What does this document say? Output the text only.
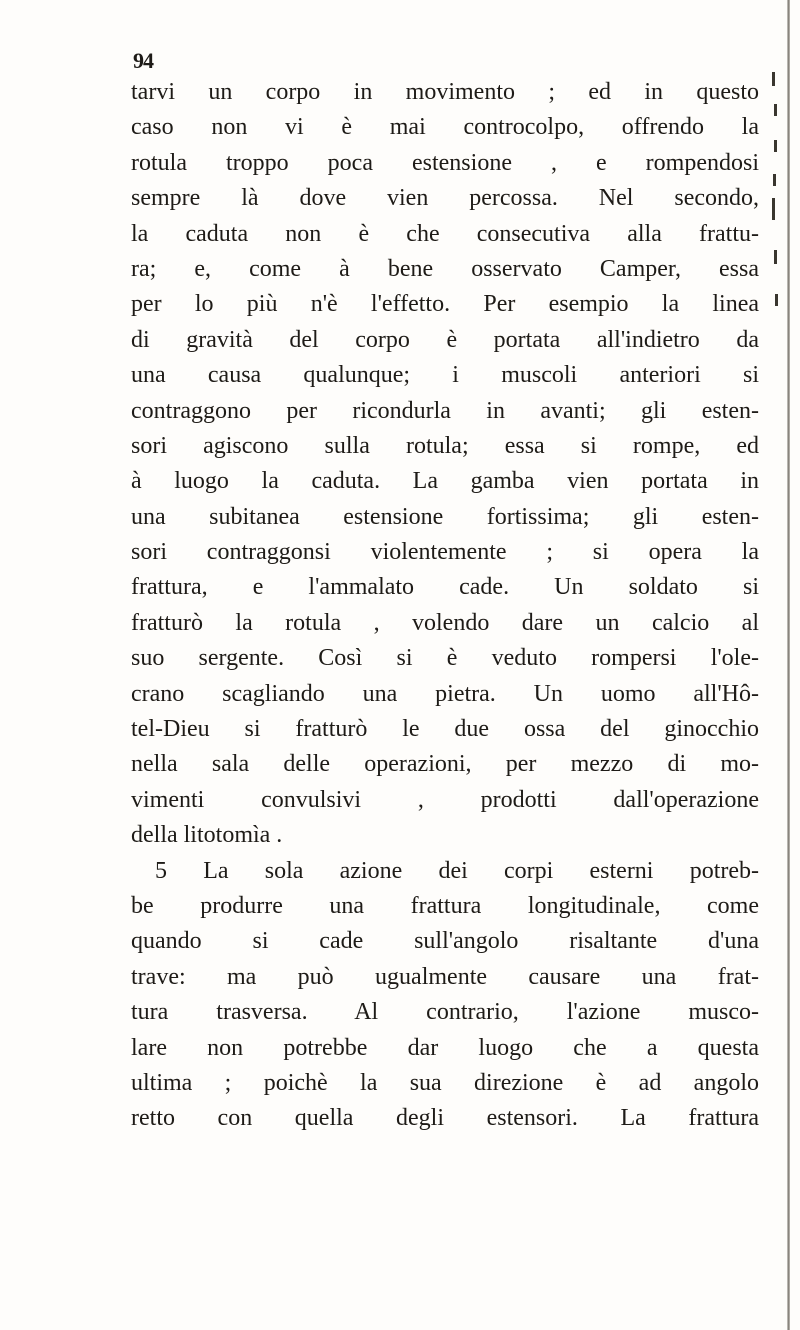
94
tarvi un corpo in movimento ; ed in questo
caso non vi è mai controcolpo, offrendo la
rotula troppo poca estensione , e rompendosi
sempre là dove vien percossa. Nel secondo,
la caduta non è che consecutiva alla frattu-
ra; e, come à bene osservato Camper, essa
per lo più n'è l'effetto. Per esempio la linea
di gravità del corpo è portata all'indietro da
una causa qualunque; i muscoli anteriori si
contraggono per ricondurla in avanti; gli esten-
sori agiscono sulla rotula; essa si rompe, ed
à luogo la caduta. La gamba vien portata in
una subitanea estensione fortissima; gli esten-
sori contraggonsi violentemente ; si opera la
frattura, e l'ammalato cade. Un soldato si
fratturò la rotula , volendo dare un calcio al
suo sergente. Così si è veduto rompersi l'ole-
crano scagliando una pietra. Un uomo all'Hô-
tel-Dieu si fratturò le due ossa del ginocchio
nella sala delle operazioni, per mezzo di mo-
vimenti convulsivi , prodotti dall'operazione
della litotomìa .
5 La sola azione dei corpi esterni potreb-
be produrre una frattura longitudinale, come
quando si cade sull'angolo risaltante d'una
trave: ma può ugualmente causare una frat-
tura trasversa. Al contrario, l'azione musco-
lare non potrebbe dar luogo che a questa
ultima ; poichè la sua direzione è ad angolo
retto con quella degli estensori. La frattura
